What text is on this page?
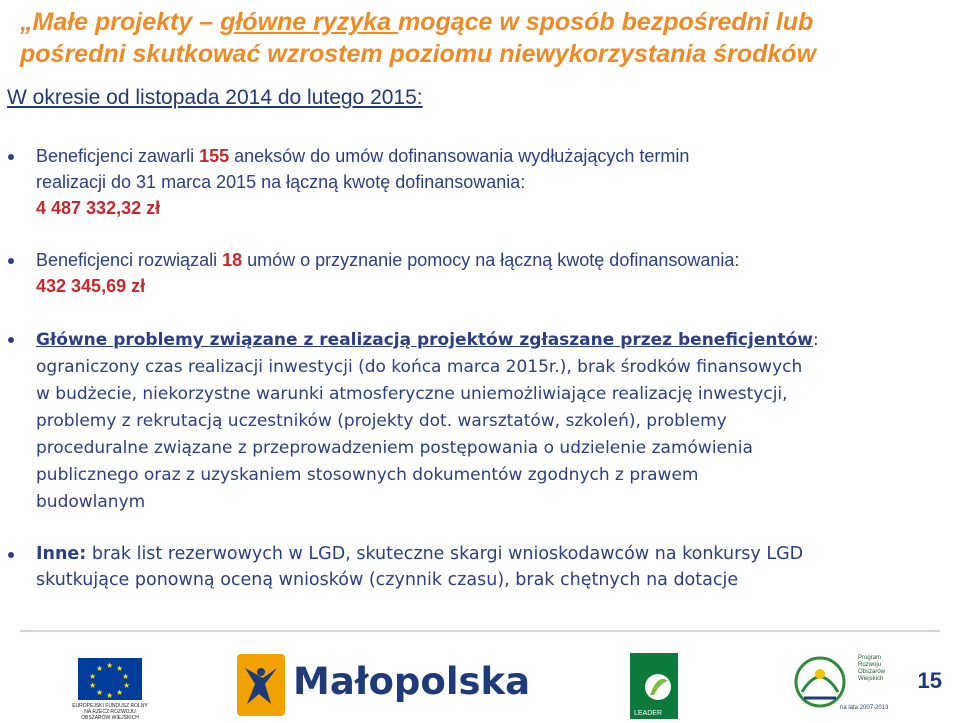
„Małe projekty – główne ryzyka mogące w sposób bezpośredni lub
pośredni skutkować wzrostem poziomu niewykorzystania środków
W okresie od listopada 2014 do lutego 2015:
Beneficjenci zawarli 155 aneksów do umów dofinansowania wydłużających termin
realizacji do 31 marca 2015 na łączną kwotę dofinansowania:
4 487 332,32 zł
Beneficjenci rozwiązali 18 umów o przyznanie pomocy na łączną kwotę dofinansowania:
432 345,69 zł
Główne problemy związane z realizacją projektów zgłaszane przez beneficjentów:
ograniczony czas realizacji inwestycji (do końca marca 2015r.), brak środków finansowych
w budżecie, niekorzystne warunki atmosferyczne uniemożliwiające realizację inwestycji,
problemy z rekrutacją uczestników (projekty dot. warsztatów, szkoleń), problemy
proceduralne związane z przeprowadzeniem postępowania o udzielenie zamówienia
publicznego oraz z uzyskaniem stosownych dokumentów zgodnych z prawem
budowlanym
Inne: brak list rezerwowych w LGD, skuteczne skargi wnioskodawców na konkursy LGD
skutkujące ponowną oceną wniosków (czynnik czasu), brak chętnych na dotacje
★ ★
★
★
★
★
★
★
★
★
EUROPEJSKI FUNDUSZ ROLNY NA RZECZ ROZWOJU OBSZARÓW WIEJSKICH
Małopolska
LEADER
Program Rozwoju Obszarów Wiejskich
na lata 2007-2013
15
